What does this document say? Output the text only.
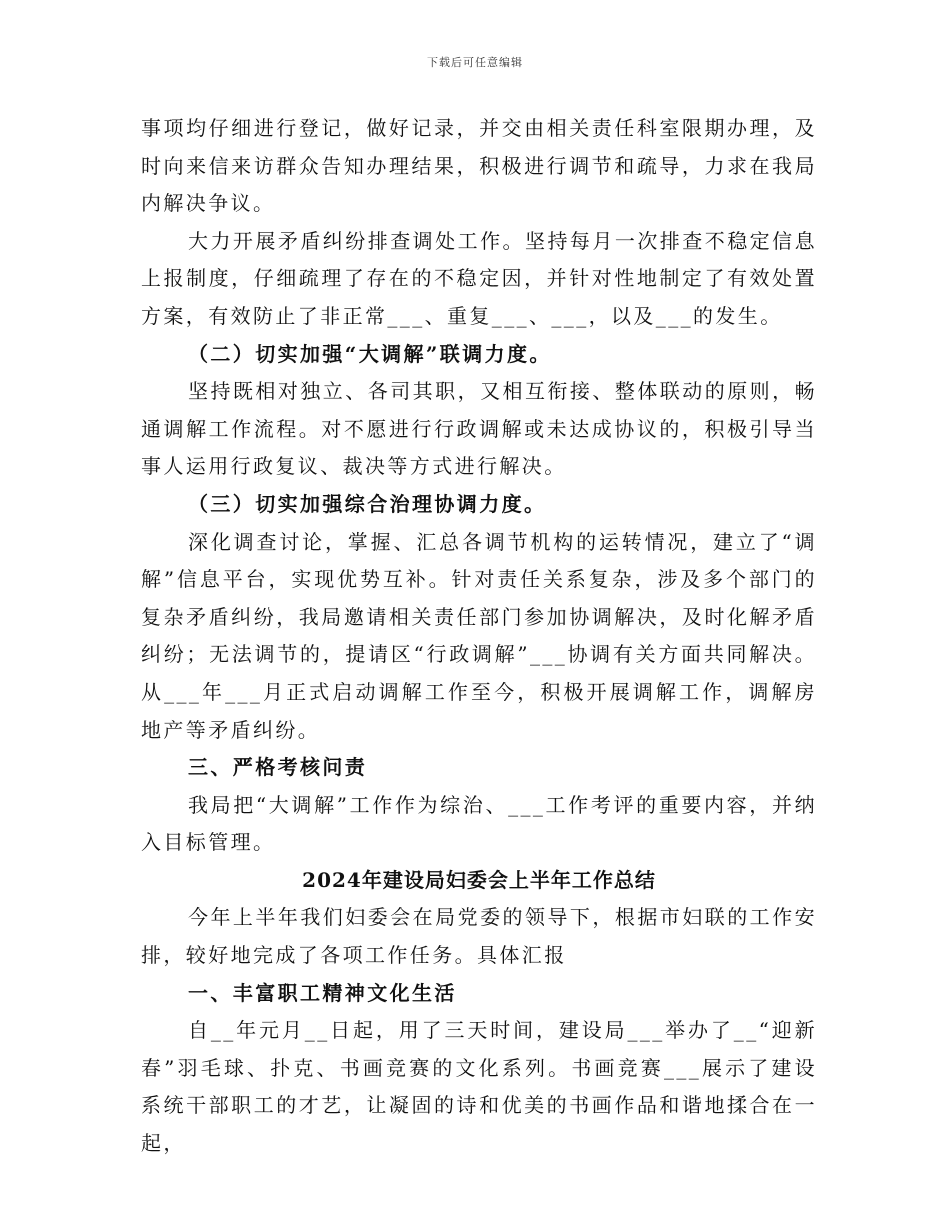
下载后可任意编辑

事项均仔细进行登记，做好记录，并交由相关责任科室限期办理，及时向来信来访群众告知办理结果，积极进行调节和疏导，力求在我局内解决争议。

大力开展矛盾纠纷排查调处工作。坚持每月一次排查不稳定信息上报制度，仔细疏理了存在的不稳定因，并针对性地制定了有效处置方案，有效防止了非正常___、重复___、___，以及___的发生。

（二）切实加强“大调解”联调力度。

坚持既相对独立、各司其职，又相互衔接、整体联动的原则，畅通调解工作流程。对不愿进行行政调解或未达成协议的，积极引导当事人运用行政复议、裁决等方式进行解决。

（三）切实加强综合治理协调力度。

深化调查讨论，掌握、汇总各调节机构的运转情况，建立了“调解”信息平台，实现优势互补。针对责任关系复杂，涉及多个部门的复杂矛盾纠纷，我局邀请相关责任部门参加协调解决，及时化解矛盾纠纷；无法调节的，提请区“行政调解”___协调有关方面共同解决。从___年___月正式启动调解工作至今，积极开展调解工作，调解房地产等矛盾纠纷。

三、严格考核问责

我局把“大调解”工作作为综治、___工作考评的重要内容，并纳入目标管理。

2024年建设局妇委会上半年工作总结

今年上半年我们妇委会在局党委的领导下，根据市妇联的工作安排，较好地完成了各项工作任务。具体汇报

一、丰富职工精神文化生活

自__年元月__日起，用了三天时间，建设局___举办了__“迎新春”羽毛球、扑克、书画竞赛的文化系列。书画竞赛___展示了建设系统干部职工的才艺，让凝固的诗和优美的书画作品和谐地揉合在一起，
